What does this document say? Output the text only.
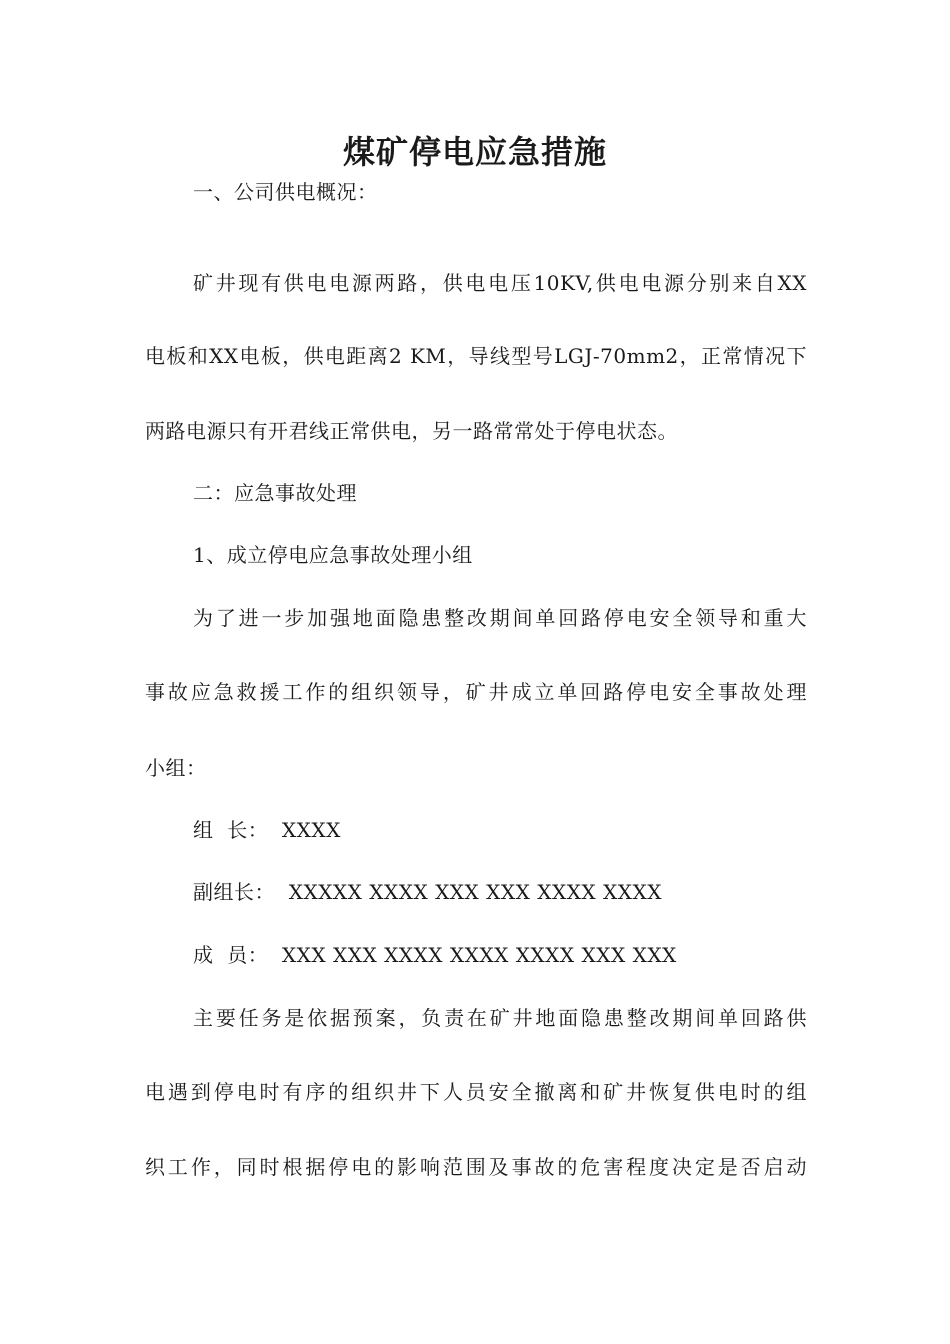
煤矿停电应急措施
一、公司供电概况：
矿井现有供电电源两路，供电电压10KV,供电电源分别来自XX
电板和XX电板，供电距离2 KM，导线型号LGJ-70mm2，正常情况下
两路电源只有开君线正常供电，另一路常常处于停电状态。
二：应急事故处理
1、成立停电应急事故处理小组
为了进一步加强地面隐患整改期间单回路停电安全领导和重大
事故应急救援工作的组织领导，矿井成立单回路停电安全事故处理
小组：
组  长：  XXXX
副组长：  XXXXX XXXX XXX XXX XXXX XXXX
成  员：  XXX XXX XXXX XXXX XXXX XXX XXX
主要任务是依据预案，负责在矿井地面隐患整改期间单回路供
电遇到停电时有序的组织井下人员安全撤离和矿井恢复供电时的组
织工作，同时根据停电的影响范围及事故的危害程度决定是否启动
